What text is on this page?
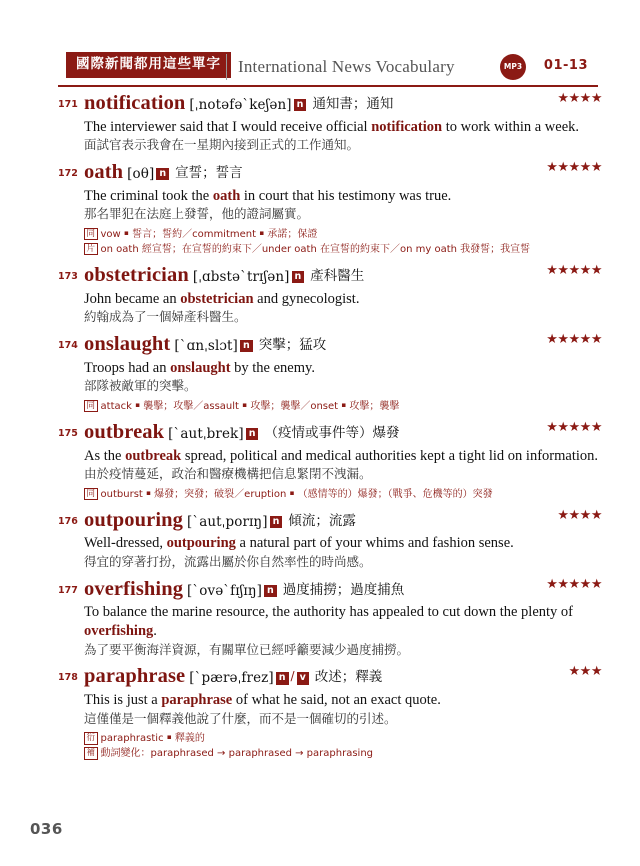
國際新聞都用這些單字	International News Vocabulary	MP3	01-13
171 notification [ˌnotəfəˋkeʃən] n 通知書；通知	★★★★
The interviewer said that I would receive official notification to work within a week.
面試官表示我會在一星期內接到正式的工作通知。
172 oath [oθ] n 宣誓；誓言	★★★★★
The criminal took the oath in court that his testimony was true.
那名罪犯在法庭上發誓，他的證詞屬實。
同 vow ￭ 誓言；誓約／commitment ￭ 承諾；保證
片 on oath 經宣誓；在宣誓的約束下／under oath 在宣誓的約束下／on my oath 我發誓；我宣誓
173 obstetrician [ˌɑbstəˋtrɪʃən] n 產科醫生	★★★★★
John became an obstetrician and gynecologist.
約翰成為了一個婦產科醫生。
174 onslaught [ˋɑnˌslɔt] n 突擊；猛攻	★★★★★
Troops had an onslaught by the enemy.
部隊被敵軍的突擊。
同 attack ￭ 襲擊；攻擊／assault ￭ 攻擊；襲擊／onset ￭ 攻擊；襲擊
175 outbreak [ˋautˌbrek] n （疫情或事件等）爆發	★★★★★
As the outbreak spread, political and medical authorities kept a tight lid on information.
由於疫情蔓延，政治和醫療機構把信息緊閉不洩漏。
同 outburst ￭ 爆發；突發；破裂／eruption ￭ （感情等的）爆發；（戰爭、危機等的）突發
176 outpouring [ˋautˌporɪŋ] n 傾流；流露	★★★★
Well-dressed, outpouring a natural part of your whims and fashion sense.
得宜的穿著打扮，流露出屬於你自然率性的時尚感。
177 overfishing [ˋovəˋfɪʃɪŋ] n 過度捕撈；過度捕魚	★★★★★
To balance the marine resource, the authority has appealed to cut down the plenty of overfishing.
為了要平衡海洋資源，有關單位已經呼籲要減少過度捕撈。
178 paraphrase [ˋpærəˌfrez] n / v 改述；釋義	★★★
This is just a paraphrase of what he said, not an exact quote.
這僅僅是一個釋義他說了什麼，而不是一個確切的引述。
衍 paraphrastic ￭ 釋義的
補 動詞變化：paraphrased → paraphrased → paraphrasing
036
